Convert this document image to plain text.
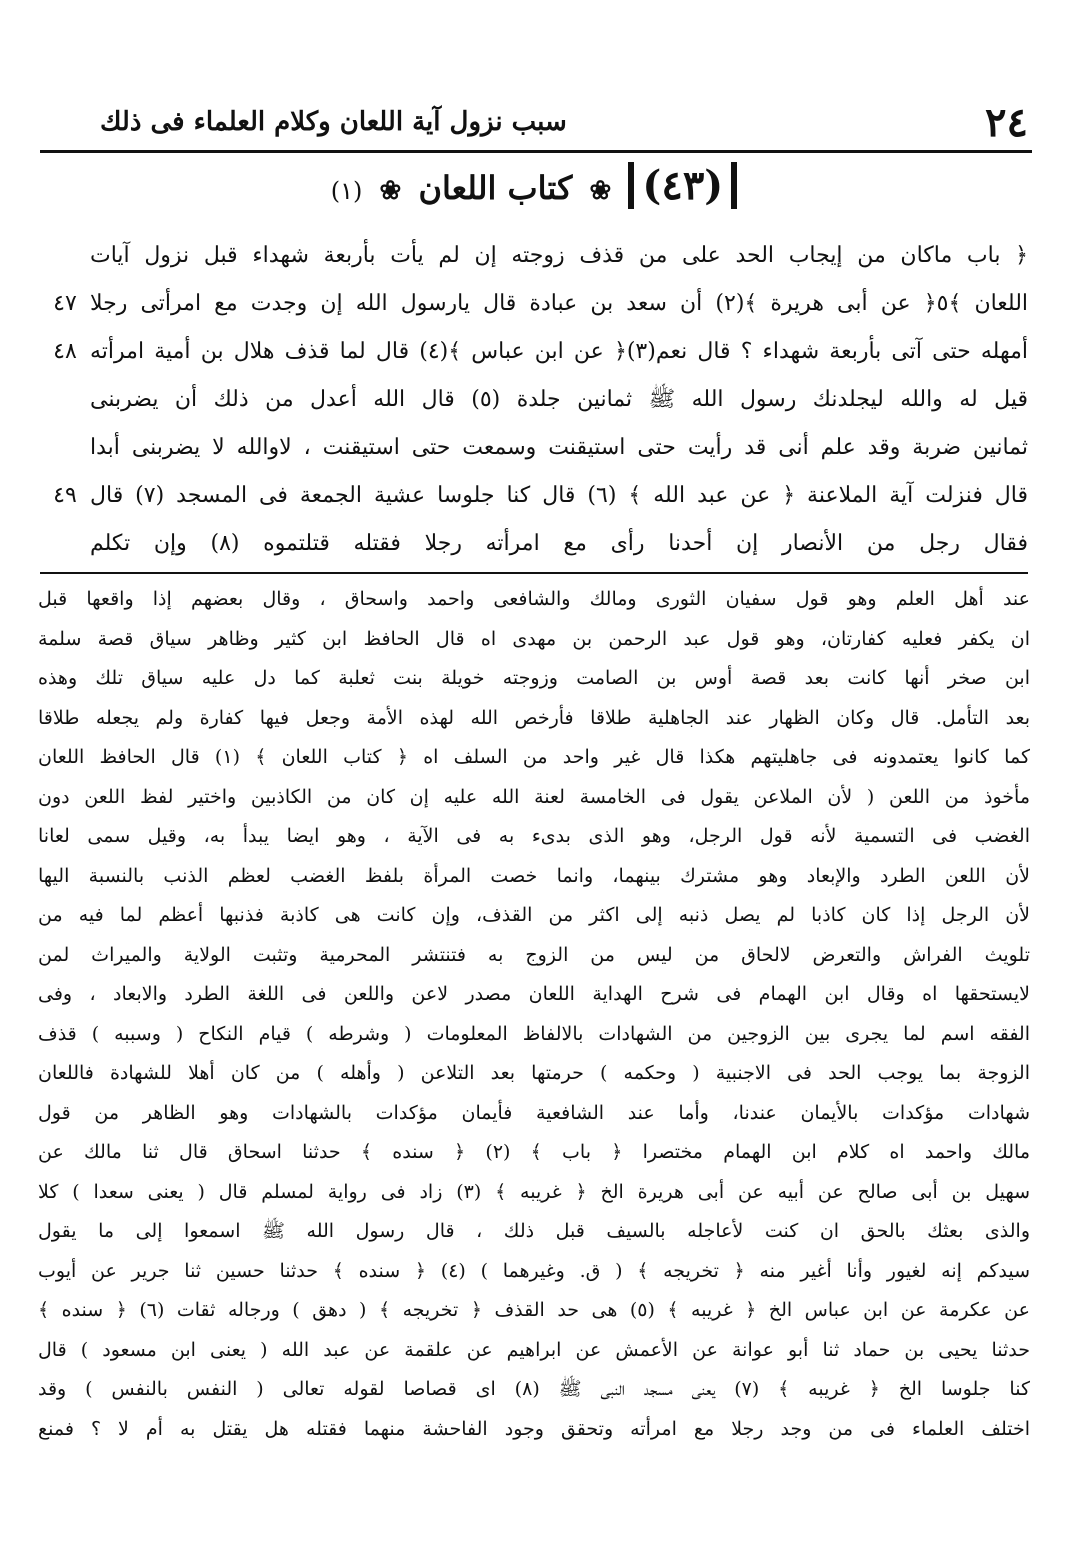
٢٤
سبب نزول آية اللعان وكلام العلماء فى ذلك
(٤٣) ❀ كتاب اللعان ❀ (١)
﴿ باب ماكان من إيجاب الحد على من قذف زوجته إن لم يأت بأربعة شهداء قبل نزول آيات
اللعان ﴾٥﴿ عن أبى هريرة ﴾(٢) أن سعد بن عبادة قال يارسول الله إن وجدت مع امرأتى رجلا
٤٧
أمهله حتى آتى بأربعة شهداء ؟ قال نعم(٣)﴿ عن ابن عباس ﴾(٤) قال لما قذف هلال بن أمية امرأته
٤٨
قيل له والله ليجلدنك رسول الله ﷺ ثمانين جلدة (٥) قال الله أعدل من ذلك أن يضربنى
ثمانين ضربة وقد علم أنى قد رأيت حتى استيقنت وسمعت حتى استيقنت ، لاوالله لا يضربنى أبدا
قال فنزلت آية الملاعنة ﴿ عن عبد الله ﴾ (٦) قال كنا جلوسا عشية الجمعة فى المسجد (٧) قال
٤٩
فقال رجل من الأنصار إن أحدنا رأى مع امرأته رجلا فقتله قتلتموه (٨) وإن تكلم
عند أهل العلم وهو قول سفيان الثورى ومالك والشافعى واحمد واسحاق ، وقال بعضهم إذا واقعها قبل
ان يكفر فعليه كفارتان، وهو قول عبد الرحمن بن مهدى اه قال الحافظ ابن كثير وظاهر سياق قصة سلمة
ابن صخر أنها كانت بعد قصة أوس بن الصامت وزوجته خويلة بنت ثعلبة كما دل عليه سياق تلك وهذه
بعد التأمل. قال وكان الظهار عند الجاهلية طلاقا فأرخص الله لهذه الأمة وجعل فيها كفارة ولم يجعله طلاقا
كما كانوا يعتمدونه فى جاهليتهم هكذا قال غير واحد من السلف اه ﴿ كتاب اللعان ﴾ (١) قال الحافظ اللعان
مأخوذ من اللعن ( لأن الملاعن يقول فى الخامسة لعنة الله عليه إن كان من الكاذبين واختير لفظ اللعن دون
الغضب فى التسمية لأنه قول الرجل، وهو الذى بدىء به فى الآية ، وهو ايضا يبدأ به، وقيل سمى لعانا
لأن اللعن الطرد والإبعاد وهو مشترك بينهما، وانما خصت المرأة بلفظ الغضب لعظم الذنب بالنسبة اليها
لأن الرجل إذا كان كاذبا لم يصل ذنبه إلى اكثر من القذف، وإن كانت هى كاذبة فذنبها أعظم لما فيه من
تلويث الفراش والتعرض لالحاق من ليس من الزوج به فتنتشر المحرمية وتثبت الولاية والميراث لمن
لايستحقها اه وقال ابن الهمام فى شرح الهداية اللعان مصدر لاعن واللعن فى اللغة الطرد والابعاد ، وفى
الفقه اسم لما يجرى بين الزوجين من الشهادات بالالفاظ المعلومات ( وشرطه ) قيام النكاح ( وسببه ) قذف
الزوجة بما يوجب الحد فى الاجنبية ( وحكمه ) حرمتها بعد التلاعن ( وأهله ) من كان أهلا للشهادة فاللعان
شهادات مؤكدات بالأيمان عندنا، وأما عند الشافعية فأيمان مؤكدات بالشهادات وهو الظاهر من قول
مالك واحمد اه كلام ابن الهمام مختصرا ﴿ باب ﴾ (٢) ﴿ سنده ﴾ حدثنا اسحاق قال ثنا مالك عن
سهيل بن أبى صالح عن أبيه عن أبى هريرة الخ ﴿ غريبه ﴾ (٣) زاد فى رواية لمسلم قال ( يعنى سعدا ) كلا
والذى بعثك بالحق ان كنت لأعاجله بالسيف قبل ذلك ، قال رسول الله ﷺ اسمعوا إلى ما يقول
سيدكم إنه لغيور وأنا أغير منه ﴿ تخريجه ﴾ ( ق. وغيرهما ) (٤) ﴿ سنده ﴾ حدثنا حسين ثنا جرير عن أيوب
عن عكرمة عن ابن عباس الخ ﴿ غريبه ﴾ (٥) هى حد القذف ﴿ تخريجه ﴾ ( دهق ) ورجاله ثقات (٦) ﴿ سنده ﴾
حدثنا يحيى بن حماد ثنا أبو عوانة عن الأعمش عن ابراهيم عن علقمة عن عبد الله ( يعنى ابن مسعود ) قال
كنا جلوسا الخ ﴿ غريبه ﴾ (٧) يعنى مسجد النبى ﷺ (٨) اى قصاصا لقوله تعالى ( النفس بالنفس ) وقد
اختلف العلماء فى من وجد رجلا مع امرأته وتحقق وجود الفاحشة منهما فقتله هل يقتل به أم لا ؟ فمنع
